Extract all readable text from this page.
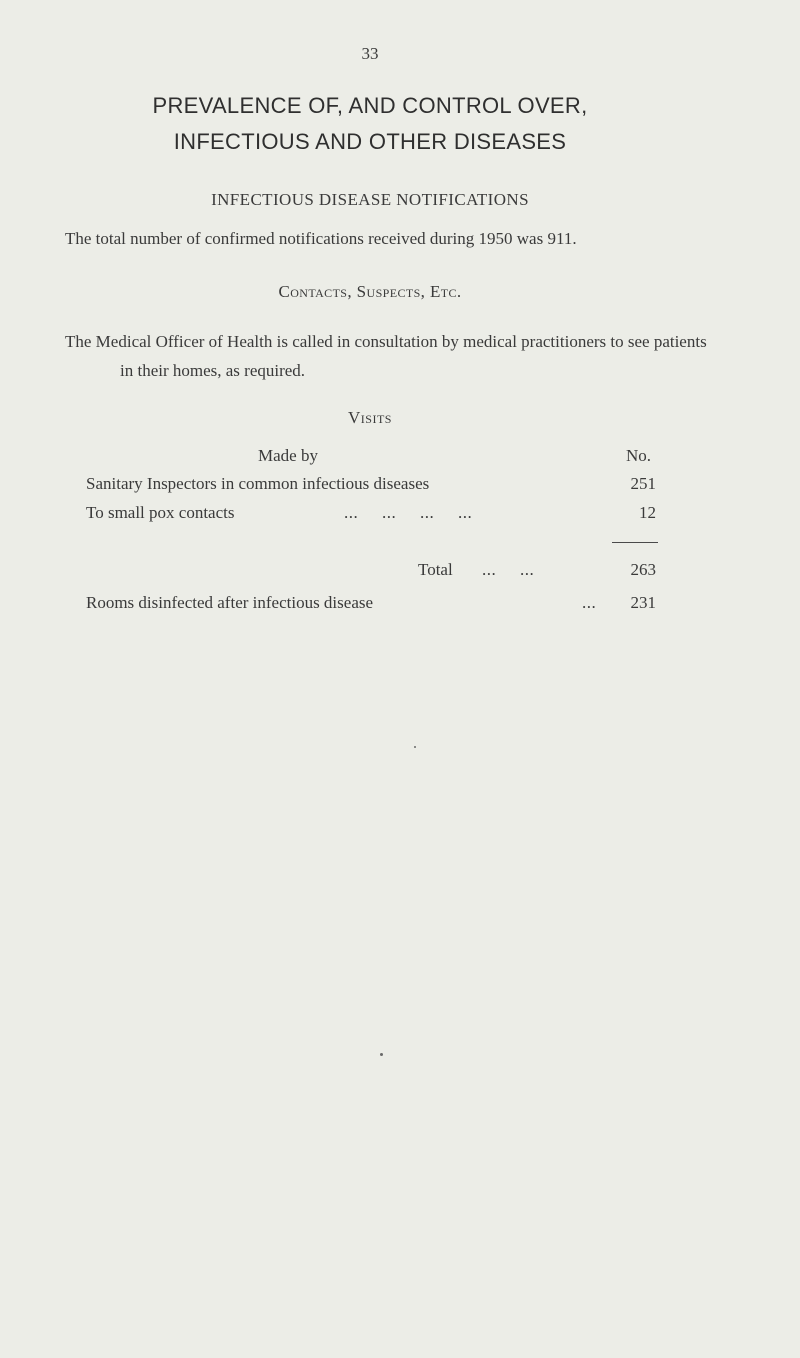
33
PREVALENCE OF, AND CONTROL OVER,
INFECTIOUS AND OTHER DISEASES
INFECTIOUS DISEASE NOTIFICATIONS
The total number of confirmed notifications received during 1950 was 911.
Contacts, Suspects, Etc.
The Medical Officer of Health is called in consultation by medical practitioners to see patients in their homes, as required.
Visits
Made by	No.
Sanitary Inspectors in common infectious diseases	251
To small pox contacts	...     ...     ...     ...	12
Total ...     ...	263
Rooms disinfected after infectious disease	... 231
